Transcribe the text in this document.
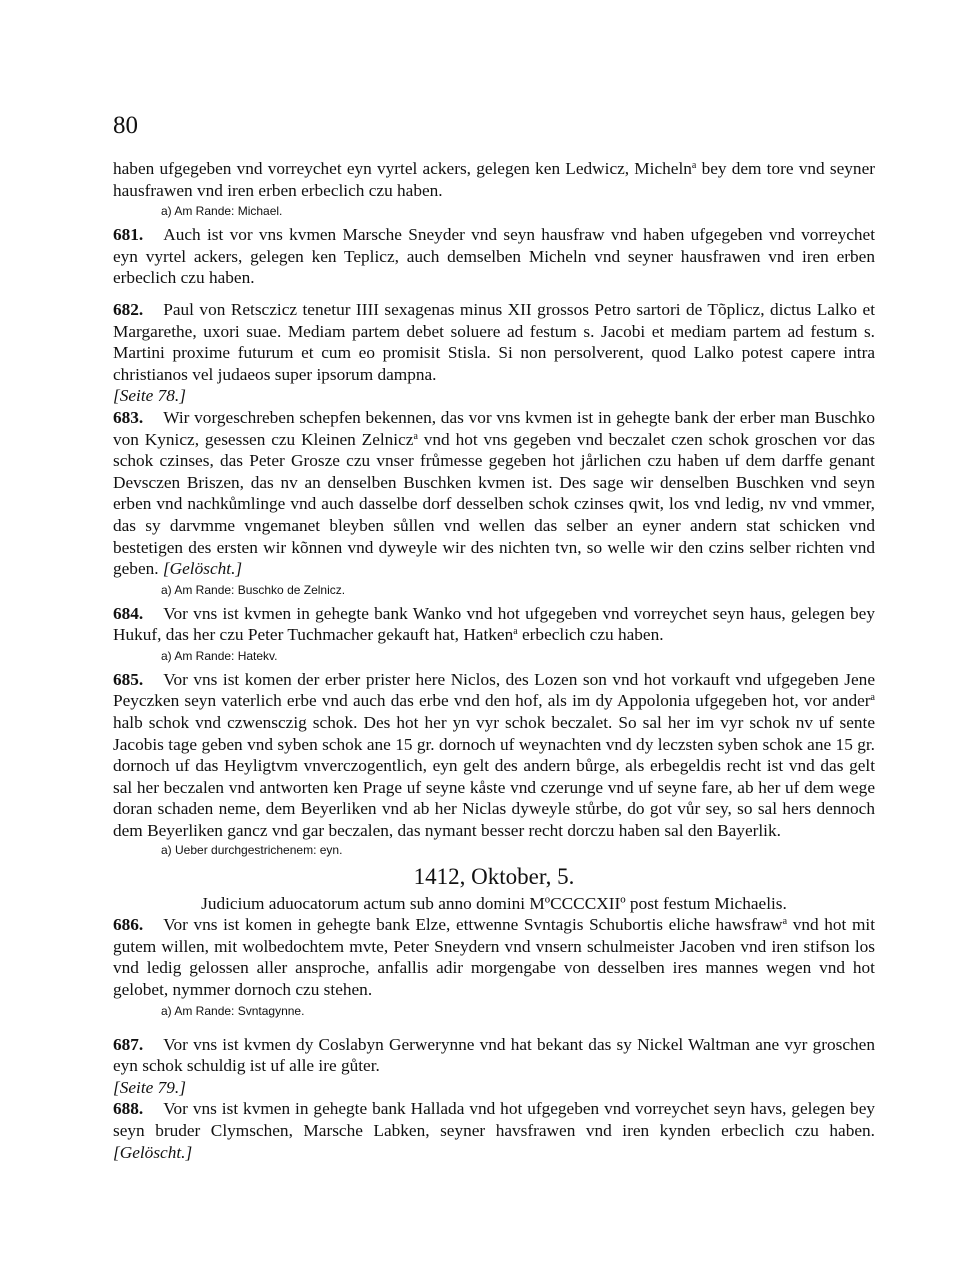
80

haben ufgegeben vnd vorreychet eyn vyrtel ackers, gelegen ken Ledwicz, Micheln$^a$ bey dem tore vnd seyner hausfrawen vnd iren erben erbeclich czu haben.

a) Am Rande: Michael.

681. Auch ist vor vns kvmen Marsche Sneyder vnd seyn hausfraw vnd haben ufgegeben vnd vorreychet eyn vyrtel ackers, gelegen ken Teplicz, auch demselben Micheln vnd seyner hausfrawen vnd iren erben erbeclich czu haben.

682. Paul von Retsczicz tenetur IIII sexagenas minus XII grossos Petro sartori de Tõplicz, dictus Lalko et Margarethe, uxori suae. Mediam partem debet soluere ad festum s. Jacobi et mediam partem ad festum s. Martini proxime futurum et cum eo promisit Stisla. Si non persolverent, quod Lalko potest capere intra christianos vel judaeos super ipsorum dampna.

[Seite 78.]

683. Wir vorgeschreben schepfen bekennen, das vor vns kvmen ist in gehegte bank der erber man Buschko von Kynicz, gesessen czu Kleinen Zelnicz$^a$ vnd hot vns gegeben vnd beczalet czen schok groschen vor das schok czinses, das Peter Grosze czu vnser frůmesse gegeben hot jårlichen czu haben uf dem darffe genant Devsczen Briszen, das nv an denselben Buschken kvmen ist. Des sage wir denselben Buschken vnd seyn erben vnd nachkůmlinge vnd auch dasselbe dorf desselben schok czinses qwit, los vnd ledig, nv vnd vmmer, das sy darvmme vngemanet bleyben sůllen vnd wellen das selber an eyner andern stat schicken vnd bestetigen des ersten wir kõnnen vnd dyweyle wir des nichten tvn, so welle wir den czins selber richten vnd geben. [Gelöscht.]

a) Am Rande: Buschko de Zelnicz.

684. Vor vns ist kvmen in gehegte bank Wanko vnd hot ufgegeben vnd vorreychet seyn haus, gelegen bey Hukuf, das her czu Peter Tuchmacher gekauft hat, Hatken$^a$ erbeclich czu haben.

a) Am Rande: Hatekv.

685. Vor vns ist komen der erber prister here Niclos, des Lozen son vnd hot vorkauft vnd ufgegeben Jene Peyczken seyn vaterlich erbe vnd auch das erbe vnd den hof, als im dy Appolonia ufgegeben hot, vor ander$^a$ halb schok vnd czwensczig schok. Des hot her yn vyr schok beczalet. So sal her im vyr schok nv uf sente Jacobis tage geben vnd syben schok ane 15 gr. dornoch uf weynachten vnd dy leczsten syben schok ane 15 gr. dornoch uf das Heyligtvm vnverczogentlich, eyn gelt des andern bůrge, als erbegeldis recht ist vnd das gelt sal her beczalen vnd antworten ken Prage uf seyne kåste vnd czerunge vnd uf seyne fare, ab her uf dem wege doran schaden neme, dem Beyerliken vnd ab her Niclas dyweyle stůrbe, do got vůr sey, so sal hers dennoch dem Beyerliken gancz vnd gar beczalen, das nymant besser recht dorczu haben sal den Bayerlik.

a) Ueber durchgestrichenem: eyn.
1412, Oktober, 5.

Judicium aduocatorum actum sub anno domini MºCCCCXIIº post festum Michaelis.

686. Vor vns ist komen in gehegte bank Elze, ettwenne Svntagis Schubortis eliche hawsfraw$^a$ vnd hot mit gutem willen, mit wolbedochtem mvte, Peter Sneydern vnd vnsern schulmeister Jacoben vnd iren stifson los vnd ledig gelossen aller ansproche, anfallis adir morgengabe von desselben ires mannes wegen vnd hot gelobet, nymmer dornoch czu stehen.

a) Am Rande: Svntagynne.

687. Vor vns ist kvmen dy Coslabyn Gerwerynne vnd hat bekant das sy Nickel Waltman ane vyr groschen eyn schok schuldig ist uf alle ire gůter.

[Seite 79.]

688. Vor vns ist kvmen in gehegte bank Hallada vnd hot ufgegeben vnd vorreychet seyn havs, gelegen bey seyn bruder Clymschen, Marsche Labken, seyner havsfrawen vnd iren kynden erbeclich czu haben. [Gelöscht.]
